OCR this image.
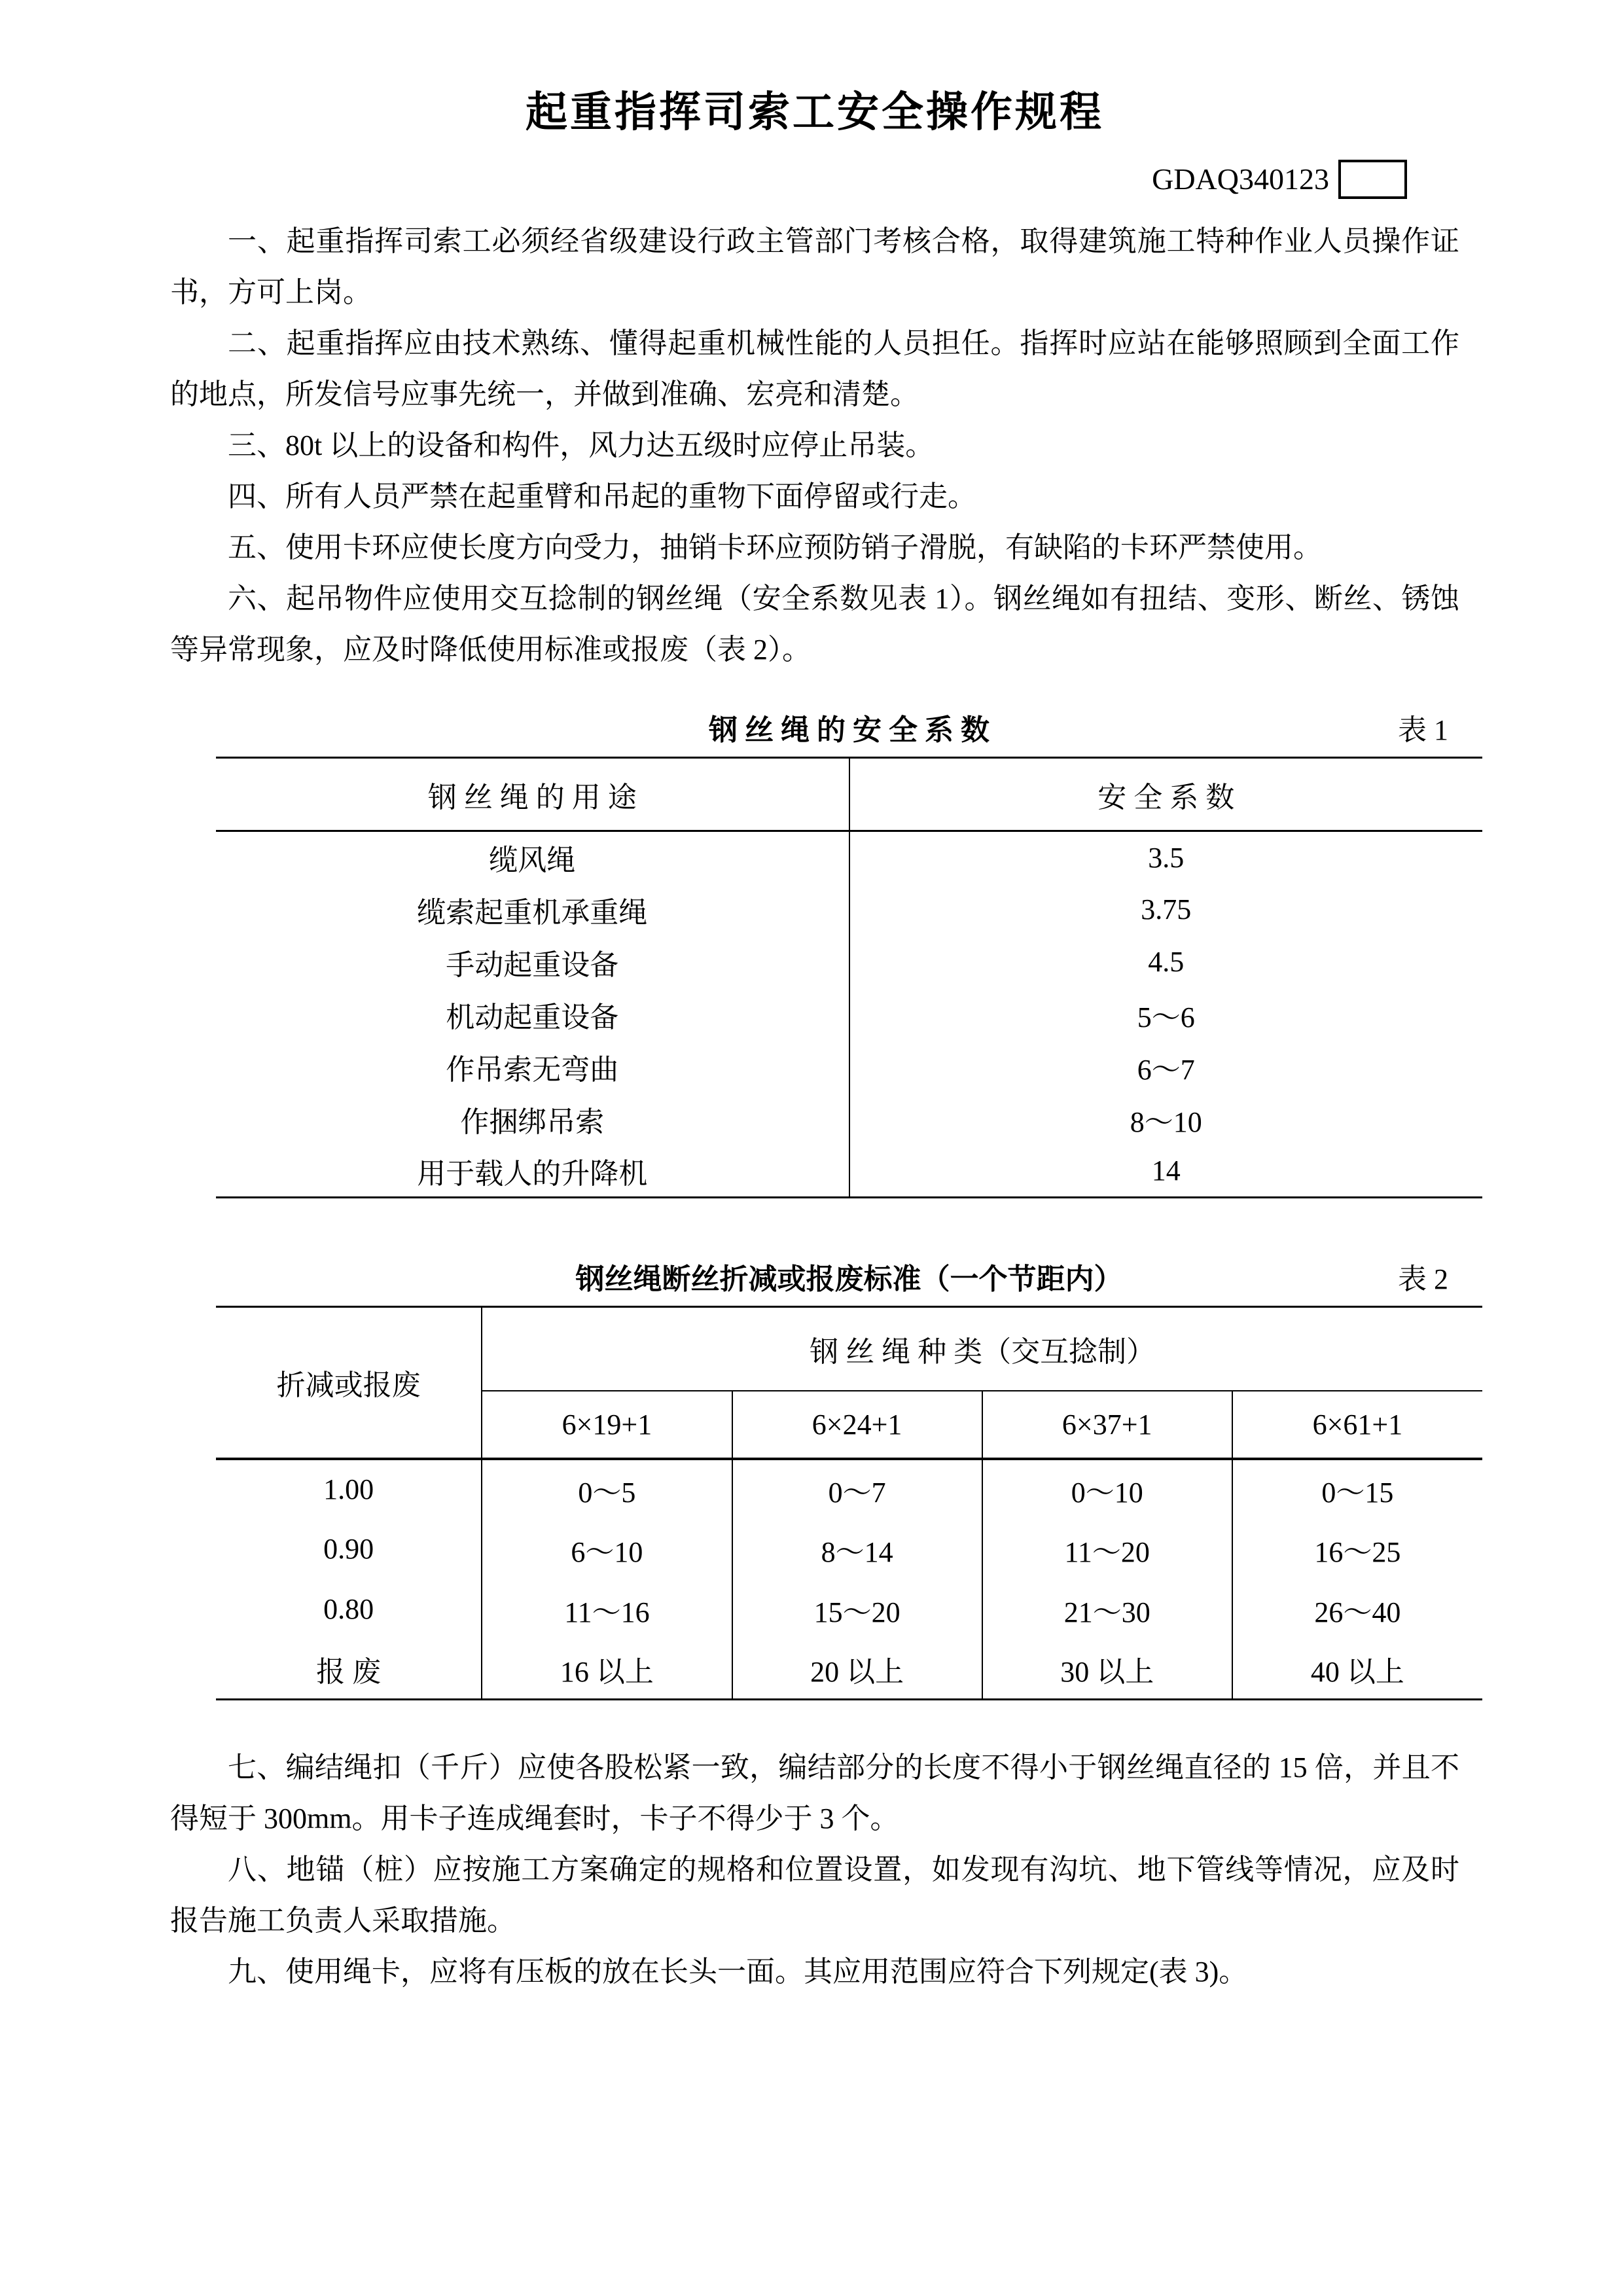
起重指挥司索工安全操作规程
GDAQ340123

一、起重指挥司索工必须经省级建设行政主管部门考核合格，取得建筑施工特种作业人员操作证书，方可上岗。

二、起重指挥应由技术熟练、懂得起重机械性能的人员担任。指挥时应站在能够照顾到全面工作的地点，所发信号应事先统一，并做到准确、宏亮和清楚。

三、80t 以上的设备和构件，风力达五级时应停止吊装。

四、所有人员严禁在起重臂和吊起的重物下面停留或行走。

五、使用卡环应使长度方向受力，抽销卡环应预防销子滑脱，有缺陷的卡环严禁使用。

六、起吊物件应使用交互捻制的钢丝绳（安全系数见表 1）。钢丝绳如有扭结、变形、断丝、锈蚀等异常现象，应及时降低使用标准或报废（表 2）。

钢 丝 绳 的 安 全 系 数	表 1
钢 丝 绳 的 用 途	安 全 系 数
缆风绳	3.5
缆索起重机承重绳	3.75
手动起重设备	4.5
机动起重设备	5～6
作吊索无弯曲	6～7
作捆绑吊索	8～10
用于载人的升降机	14
钢丝绳断丝折减或报废标准（一个节距内）	表 2
折减或报废	钢 丝 绳 种 类（交互捻制）			
	6×19+1	6×24+1	6×37+1	6×61+1
1.00	0～5	0～7	0～10	0～15
0.90	6～10	8～14	11～20	16～25
0.80	11～16	15～20	21～30	26～40
报 废	16 以上	20 以上	30 以上	40 以上

七、编结绳扣（千斤）应使各股松紧一致，编结部分的长度不得小于钢丝绳直径的 15 倍，并且不得短于 300mm。用卡子连成绳套时，卡子不得少于 3 个。

八、地锚（桩）应按施工方案确定的规格和位置设置，如发现有沟坑、地下管线等情况，应及时报告施工负责人采取措施。

九、使用绳卡，应将有压板的放在长头一面。其应用范围应符合下列规定(表 3)。
